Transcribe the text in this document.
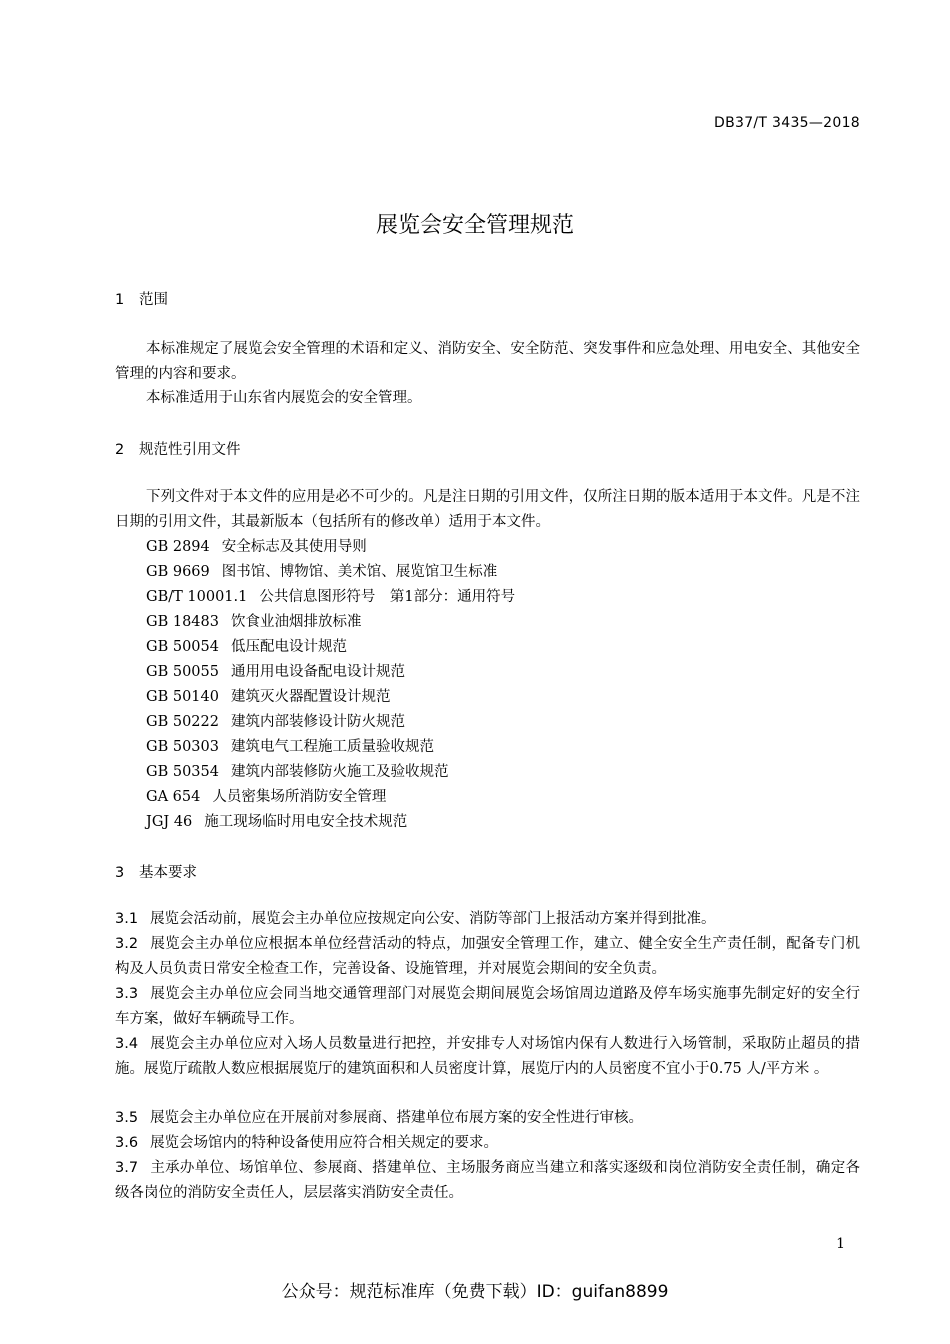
DB37/T 3435—2018
展览会安全管理规范
1 范围
本标准规定了展览会安全管理的术语和定义、消防安全、安全防范、突发事件和应急处理、用电安全、其他安全管理的内容和要求。
本标准适用于山东省内展览会的安全管理。
2 规范性引用文件
下列文件对于本文件的应用是必不可少的。凡是注日期的引用文件，仅所注日期的版本适用于本文件。凡是不注日期的引用文件，其最新版本（包括所有的修改单）适用于本文件。
GB 2894 安全标志及其使用导则
GB 9669 图书馆、博物馆、美术馆、展览馆卫生标准
GB/T 10001.1 公共信息图形符号　第1部分：通用符号
GB 18483 饮食业油烟排放标准
GB 50054 低压配电设计规范
GB 50055 通用用电设备配电设计规范
GB 50140 建筑灭火器配置设计规范
GB 50222 建筑内部装修设计防火规范
GB 50303 建筑电气工程施工质量验收规范
GB 50354 建筑内部装修防火施工及验收规范
GA 654 人员密集场所消防安全管理
JGJ 46 施工现场临时用电安全技术规范
3 基本要求
3.1 展览会活动前，展览会主办单位应按规定向公安、消防等部门上报活动方案并得到批准。
3.2 展览会主办单位应根据本单位经营活动的特点，加强安全管理工作，建立、健全安全生产责任制，配备专门机构及人员负责日常安全检查工作，完善设备、设施管理，并对展览会期间的安全负责。
3.3 展览会主办单位应会同当地交通管理部门对展览会期间展览会场馆周边道路及停车场实施事先制定好的安全行车方案，做好车辆疏导工作。
3.4 展览会主办单位应对入场人员数量进行把控，并安排专人对场馆内保有人数进行入场管制，采取防止超员的措施。展览厅疏散人数应根据展览厅的建筑面积和人员密度计算，展览厅内的人员密度不宜小于0.75 人/平方米 。
3.5 展览会主办单位应在开展前对参展商、搭建单位布展方案的安全性进行审核。
3.6 展览会场馆内的特种设备使用应符合相关规定的要求。
3.7 主承办单位、场馆单位、参展商、搭建单位、主场服务商应当建立和落实逐级和岗位消防安全责任制，确定各级各岗位的消防安全责任人，层层落实消防安全责任。
1
公众号：规范标准库（免费下载）ID：guifan8899
